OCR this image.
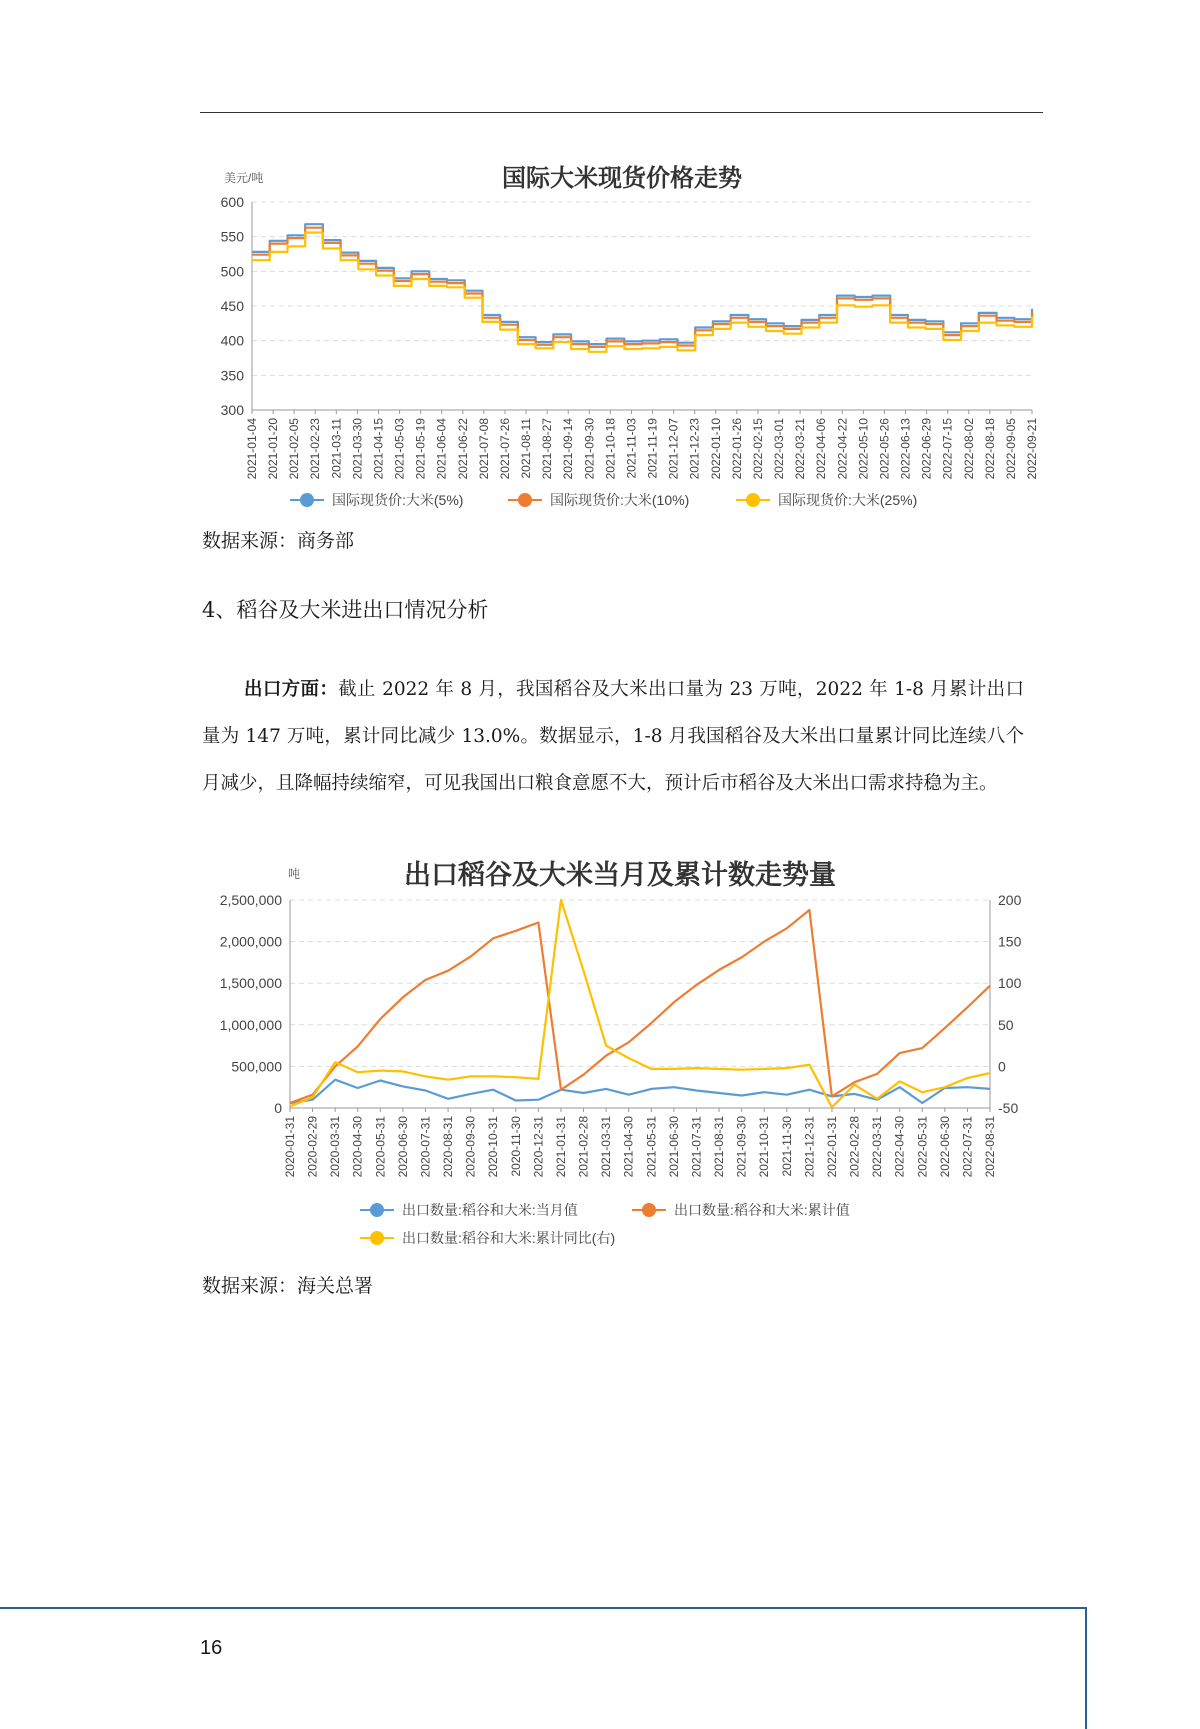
国际大米现货价格走势
美元/吨
300
350
400
450
500
550
600
2021-01-04 2021-01-20 2021-02-05 2021-02-23 2021-03-11 2021-03-30 2021-04-15 2021-05-03 2021-05-19 2021-06-04 2021-06-22 2021-07-08 2021-07-26 2021-08-11 2021-08-27 2021-09-14 2021-09-30 2021-10-18 2021-11-03 2021-11-19 2021-12-07 2021-12-23 2022-01-10 2022-01-26 2022-02-15 2022-03-01 2022-03-21 2022-04-06 2022-04-22 2022-05-10 2022-05-26 2022-06-13 2022-06-29 2022-07-15 2022-08-02 2022-08-18 2022-09-05 2022-09-21
国际现货价:大米(5%)	国际现货价:大米(10%)	国际现货价:大米(25%)
数据来源：商务部
4、稻谷及大米进出口情况分析
出口方面：截止 2022 年 8 月，我国稻谷及大米出口量为 23 万吨，2022 年 1-8 月累计出口量为 147 万吨，累计同比减少 13.0%。数据显示，1-8 月我国稻谷及大米出口量累计同比连续八个月减少，且降幅持续缩窄，可见我国出口粮食意愿不大，预计后市稻谷及大米出口需求持稳为主。
出口稻谷及大米当月及累计数走势量
吨
0
500,000
1,000,000
1,500,000
2,000,000
2,500,000
-50
0
50
100
150
200
2020-01-31 2020-02-29 2020-03-31 2020-04-30 2020-05-31 2020-06-30 2020-07-31 2020-08-31 2020-09-30 2020-10-31 2020-11-30 2020-12-31 2021-01-31 2021-02-28 2021-03-31 2021-04-30 2021-05-31 2021-06-30 2021-07-31 2021-08-31 2021-09-30 2021-10-31 2021-11-30 2021-12-31 2022-01-31 2022-02-28 2022-03-31 2022-04-30 2022-05-31 2022-06-30 2022-07-31 2022-08-31
出口数量:稻谷和大米:当月值	出口数量:稻谷和大米:累计值
出口数量:稻谷和大米:累计同比(右)
数据来源：海关总署
16
